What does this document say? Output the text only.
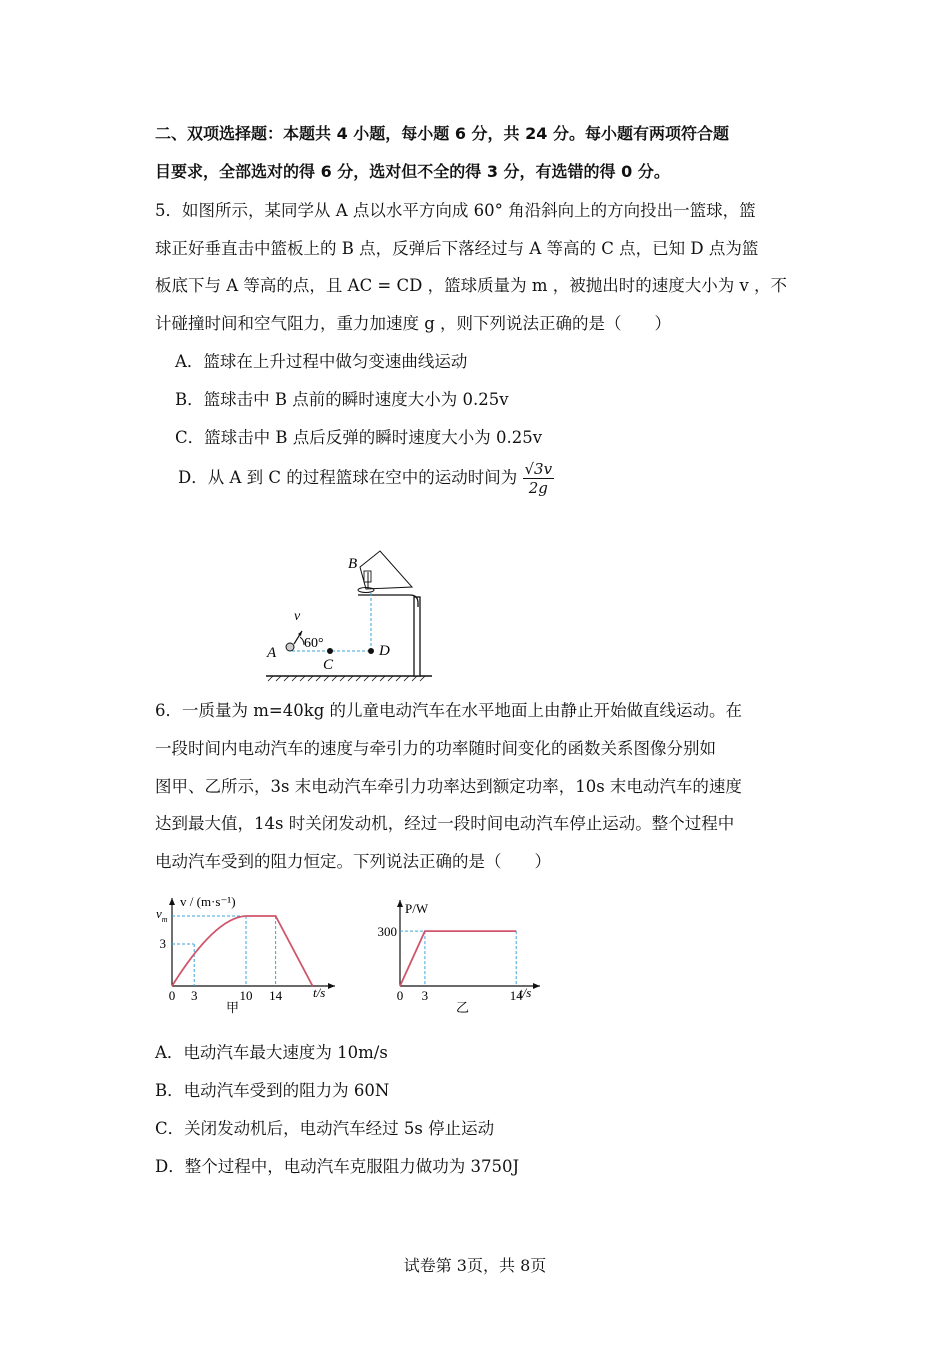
二、双项选择题：本题共 4 小题，每小题 6 分，共 24 分。每小题有两项符合题
目要求，全部选对的得 6 分，选对但不全的得 3 分，有选错的得 0 分。
5．如图所示，某同学从 A 点以水平方向成 60° 角沿斜向上的方向投出一篮球，篮
球正好垂直击中篮板上的 B 点，反弹后下落经过与 A 等高的 C 点，已知 D 点为篮
板底下与 A 等高的点，且 AC = CD ，篮球质量为 m ，被抛出时的速度大小为 v ，不
计碰撞时间和空气阻力，重力加速度 g ，则下列说法正确的是（　　）
A．篮球在上升过程中做匀变速曲线运动
B．篮球击中 B 点前的瞬时速度大小为 0.25v
C．篮球击中 B 点后反弹的瞬时速度大小为 0.25v
D．从 A 到 C 的过程篮球在空中的运动时间为 $\frac{√3v}{2g}$
B
v
60°
A
C
D
6．一质量为 m=40kg 的儿童电动汽车在水平地面上由静止开始做直线运动。在
一段时间内电动汽车的速度与牵引力的功率随时间变化的函数关系图像分别如
图甲、乙所示，3s 末电动汽车牵引力功率达到额定功率，10s 末电动汽车的速度
达到最大值，14s 时关闭发动机，经过一段时间电动汽车停止运动。整个过程中
电动汽车受到的阻力恒定。下列说法正确的是（　　）
v / (m·s⁻¹)
t/s
0 3	10 14
3
$v_m$
甲
P/W
t/s
0 3	14
300
乙
A．电动汽车最大速度为 10m/s
B．电动汽车受到的阻力为 60N
C．关闭发动机后，电动汽车经过 5s 停止运动
D．整个过程中，电动汽车克服阻力做功为 3750J
试卷第 3页，共 8页
